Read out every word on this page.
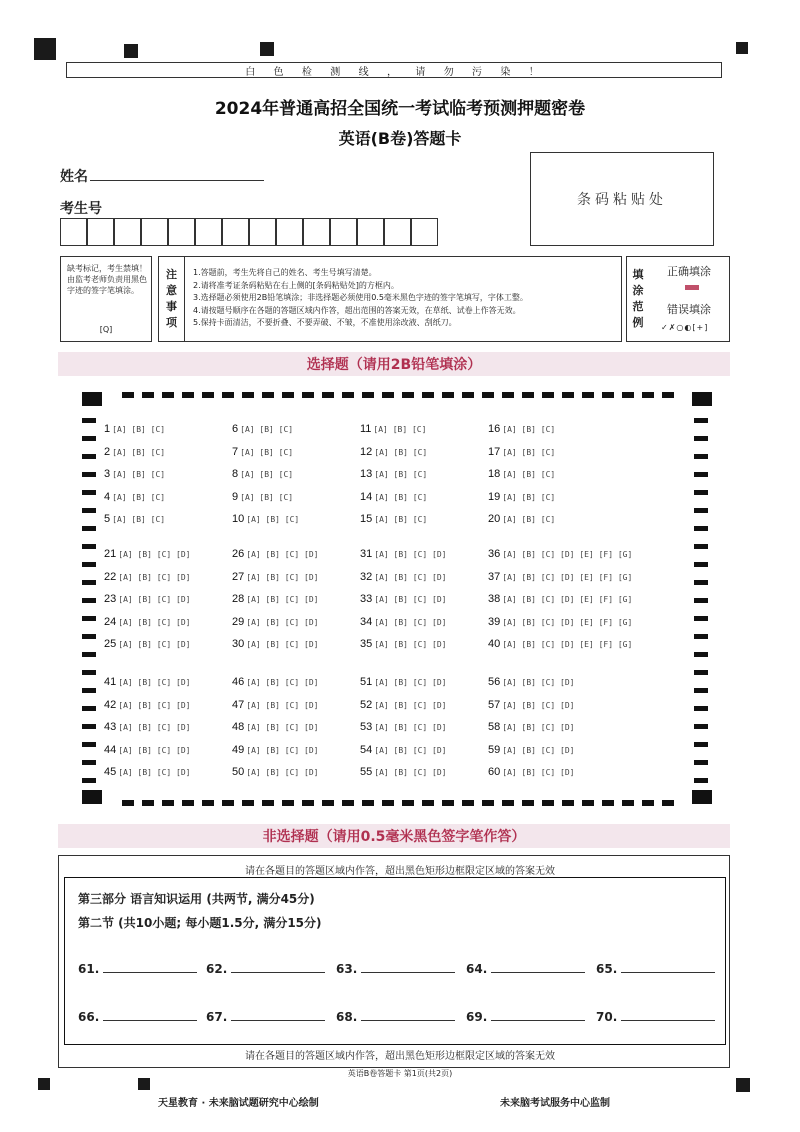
白  色  检  测  线  ，  请  勿  污  染  ！
2024年普通高招全国统一考试临考预测押题密卷
英语(B卷)答题卡
姓名
考生号
条码粘贴处
缺考标记，考生禁填！由监考老师负责用黑色字迹的签字笔填涂。
[Q]
注
意
事
项
1.答题前，考生先将自己的姓名、考生号填写清楚。
2.请将准考证条码粘贴在右上侧的[条码粘贴处]的方框内。
3.选择题必须使用2B铅笔填涂；非选择题必须使用0.5毫米黑色字迹的签字笔填写，字体工整。
4.请按题号顺序在各题的答题区域内作答，超出范围的答案无效，在草纸、试卷上作答无效。
5.保持卡面清洁，不要折叠、不要弄破、不皱，不准使用涂改液、刮纸刀。
填
涂
范
例
正确填涂
错误填涂
✓✗○◐[+]
选择题（请用2B铅笔填涂）
1 [A] [B] [C]
2 [A] [B] [C]
3 [A] [B] [C]
4 [A] [B] [C]
5 [A] [B] [C]
6 [A] [B] [C]
7 [A] [B] [C]
8 [A] [B] [C]
9 [A] [B] [C]
10 [A] [B] [C]
11 [A] [B] [C]
12 [A] [B] [C]
13 [A] [B] [C]
14 [A] [B] [C]
15 [A] [B] [C]
16 [A] [B] [C]
17 [A] [B] [C]
18 [A] [B] [C]
19 [A] [B] [C]
20 [A] [B] [C]
21 [A] [B] [C] [D]
22 [A] [B] [C] [D]
23 [A] [B] [C] [D]
24 [A] [B] [C] [D]
25 [A] [B] [C] [D]
26 [A] [B] [C] [D]
27 [A] [B] [C] [D]
28 [A] [B] [C] [D]
29 [A] [B] [C] [D]
30 [A] [B] [C] [D]
31 [A] [B] [C] [D]
32 [A] [B] [C] [D]
33 [A] [B] [C] [D]
34 [A] [B] [C] [D]
35 [A] [B] [C] [D]
36 [A] [B] [C] [D] [E] [F] [G]
37 [A] [B] [C] [D] [E] [F] [G]
38 [A] [B] [C] [D] [E] [F] [G]
39 [A] [B] [C] [D] [E] [F] [G]
40 [A] [B] [C] [D] [E] [F] [G]
41 [A] [B] [C] [D]
42 [A] [B] [C] [D]
43 [A] [B] [C] [D]
44 [A] [B] [C] [D]
45 [A] [B] [C] [D]
46 [A] [B] [C] [D]
47 [A] [B] [C] [D]
48 [A] [B] [C] [D]
49 [A] [B] [C] [D]
50 [A] [B] [C] [D]
51 [A] [B] [C] [D]
52 [A] [B] [C] [D]
53 [A] [B] [C] [D]
54 [A] [B] [C] [D]
55 [A] [B] [C] [D]
56 [A] [B] [C] [D]
57 [A] [B] [C] [D]
58 [A] [B] [C] [D]
59 [A] [B] [C] [D]
60 [A] [B] [C] [D]
非选择题（请用0.5毫米黑色签字笔作答）
请在各题目的答题区域内作答，超出黑色矩形边框限定区域的答案无效
第三部分 语言知识运用 (共两节, 满分45分)
第二节 (共10小题; 每小题1.5分, 满分15分)
61.	62.	63.	64.	65.
66.	67.	68.	69.	70.
请在各题目的答题区域内作答，超出黑色矩形边框限定区域的答案无效
英语B卷答题卡 第1页(共2页)
天星教育 · 未来脑试题研究中心绘制	未来脑考试服务中心监制
